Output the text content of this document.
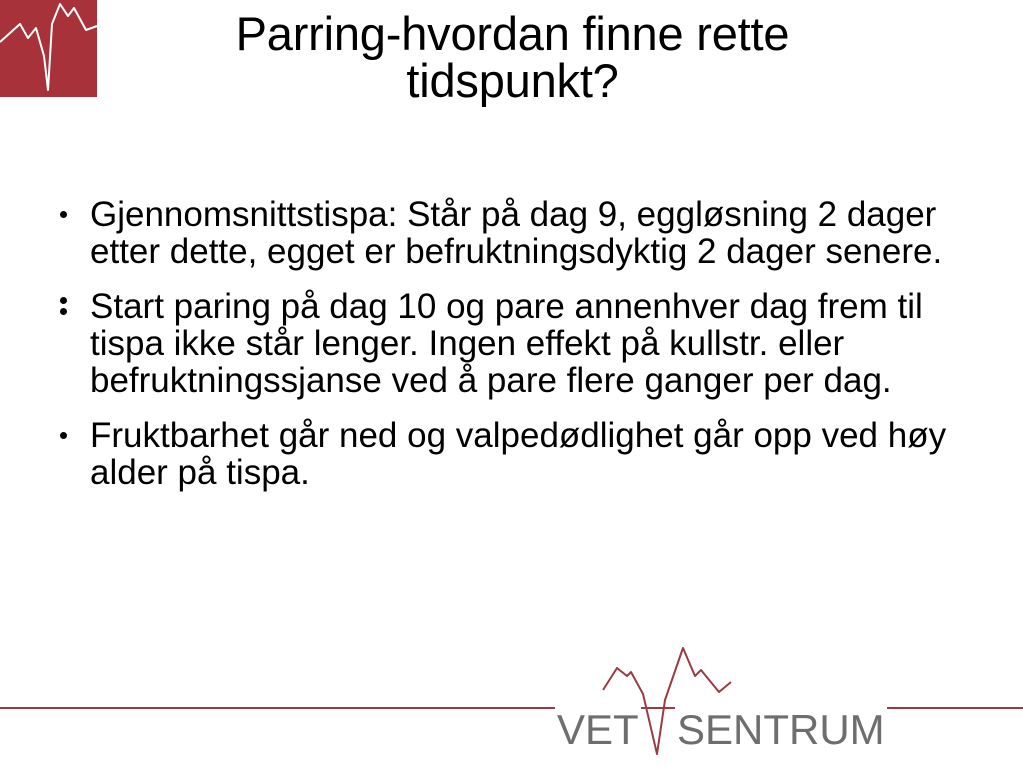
Parring-hvordan finne rette tidspunkt?
Gjennomsnittstispa: Står på dag 9, eggløsning 2 dager etter dette, egget er befruktningsdyktig 2 dager senere.
Start paring på dag 10 og pare annenhver dag frem til tispa ikke står lenger. Ingen effekt på kullstr. eller befruktningssjanse ved å pare flere ganger per dag.
Fruktbarhet går ned og valpedødlighet går opp ved høy alder på tispa.
VET SENTRUM
